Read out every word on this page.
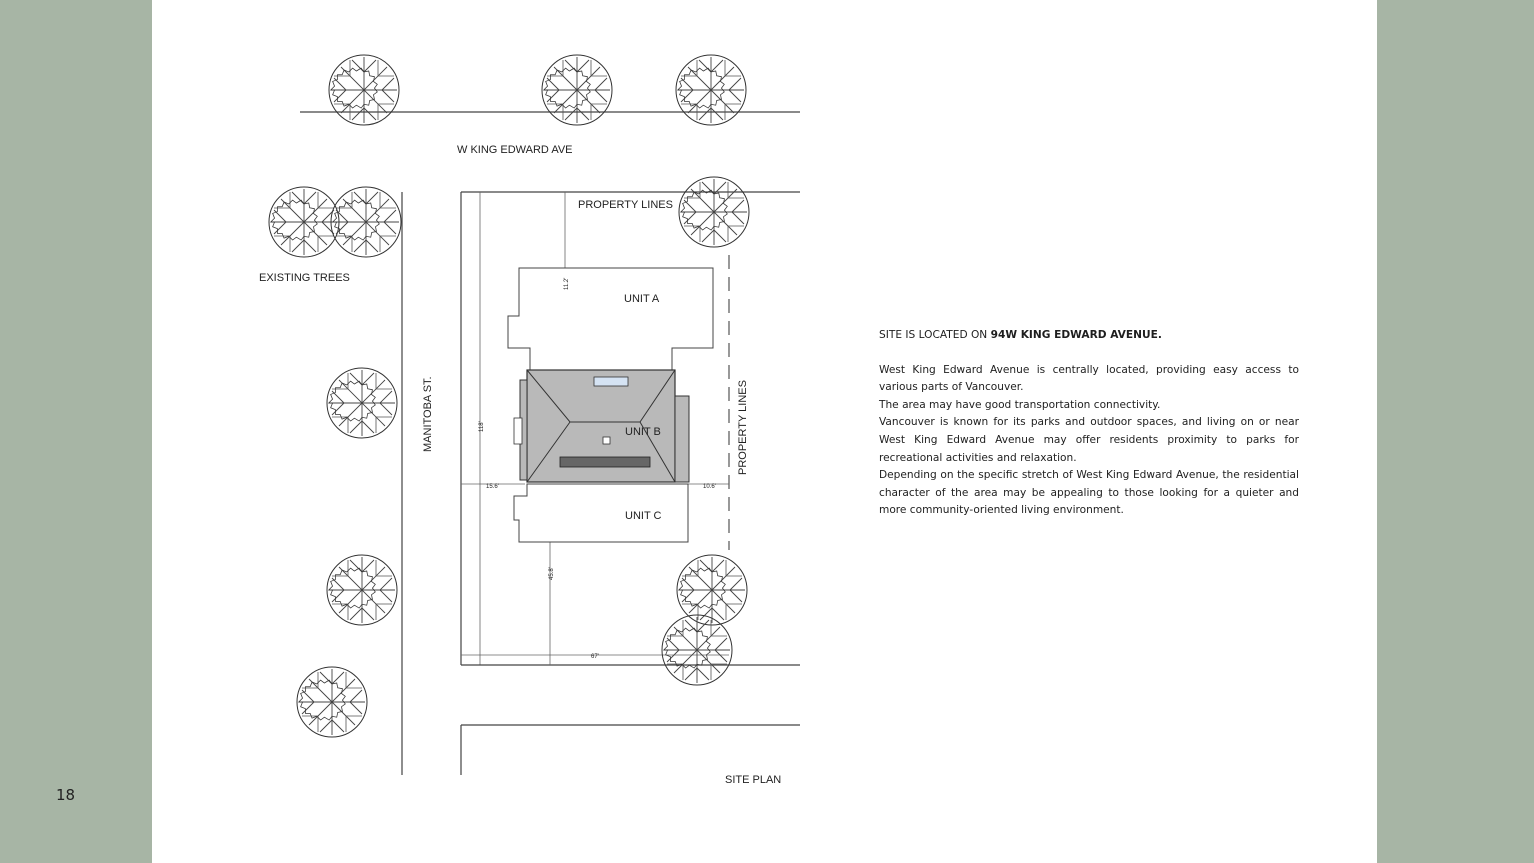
18
W KING EDWARD AVE
PROPERTY LINES
EXISTING TREES
UNIT A
UNIT B
UNIT C
SITE PLAN
MANITOBA ST.	PROPERTY LINES
11.2'
15.6'	10.6'
45.8'
67'
118'
SITE IS LOCATED ON 94W KING EDWARD AVENUE.

West King Edward Avenue is centrally located, providing easy access to various parts of Vancouver.

The area may have good transportation connectivity.

Vancouver is known for its parks and outdoor spaces, and living on or near West King Edward Avenue may offer residents proximity to parks for recreational activities and relaxation.

Depending on the specific stretch of West King Edward Avenue, the residential character of the area may be appealing to those looking for a quieter and more community-oriented living environment.
